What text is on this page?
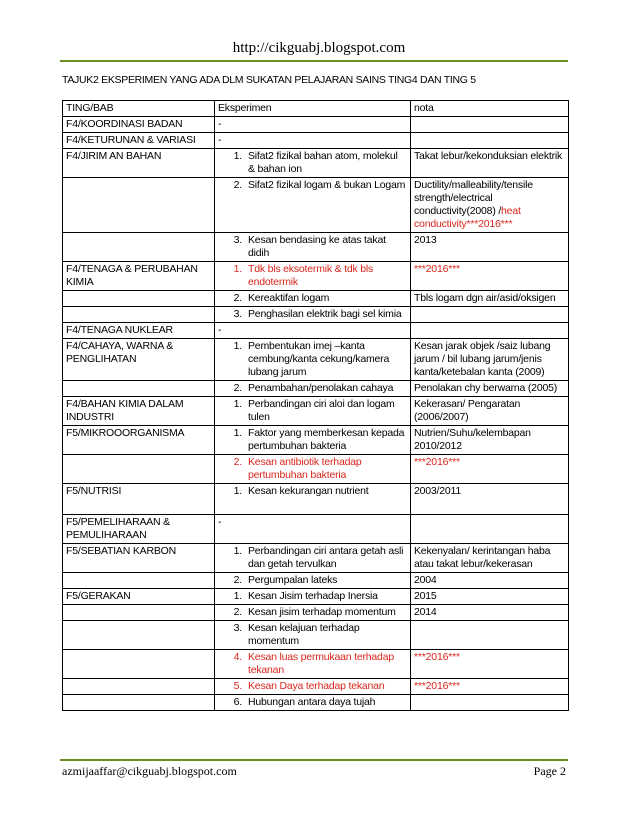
http://cikguabj.blogspot.com
TAJUK2 EKSPERIMEN YANG ADA DLM SUKATAN PELAJARAN SAINS TING4 DAN TING 5
TING/BAB	Eksperimen	nota
F4/KOORDINASI BADAN	-	
F4/KETURUNAN & VARIASI	-	
F4/JIRIM AN BAHAN	1. Sifat2 fizikal bahan atom, molekul & bahan ion	Takat lebur/kekonduksian elektrik
	2. Sifat2 fizikal logam & bukan Logam	Ductility/malleability/tensile strength/electrical conductivity(2008) /heat conductivity***2016***
	3. Kesan bendasing ke atas takat didih	2013
F4/TENAGA & PERUBAHAN KIMIA	1. Tdk bls eksotermik & tdk bls endotermik	***2016***
	2. Kereaktifan logam	Tbls logam dgn air/asid/oksigen
	3. Penghasilan elektrik bagi sel kimia	
F4/TENAGA NUKLEAR	-	
F4/CAHAYA, WARNA & PENGLIHATAN	1. Pembentukan imej –kanta cembung/kanta cekung/kamera lubang jarum	Kesan jarak objek /saiz lubang jarum / bil lubang jarum/jenis kanta/ketebalan kanta (2009)
	2. Penambahan/penolakan cahaya	Penolakan chy berwarna (2005)
F4/BAHAN KIMIA DALAM INDUSTRI	1. Perbandingan ciri aloi dan logam tulen	Kekerasan/ Pengaratan (2006/2007)
F5/MIKROOORGANISMA	1. Faktor yang memberkesan kepada pertumbuhan bakteria	Nutrien/Suhu/kelembapan 2010/2012
	2. Kesan antibiotik terhadap pertumbuhan bakteria	***2016***
F5/NUTRISI	1. Kesan kekurangan nutrient	2003/2011
F5/PEMELIHARAAN & PEMULIHARAAN	-	
F5/SEBATIAN KARBON	1. Perbandingan ciri antara getah asli dan getah tervulkan	Kekenyalan/ kerintangan haba atau takat lebur/kekerasan
	2. Pergumpalan lateks	2004
F5/GERAKAN	1. Kesan Jisim terhadap Inersia	2015
	2. Kesan jisim terhadap momentum	2014
	3. Kesan kelajuan terhadap momentum	
	4. Kesan luas permukaan terhadap tekanan	***2016***
	5. Kesan Daya terhadap tekanan	***2016***
	6. Hubungan antara daya tujah	
azmijaaffar@cikguabj.blogspot.com	Page 2
